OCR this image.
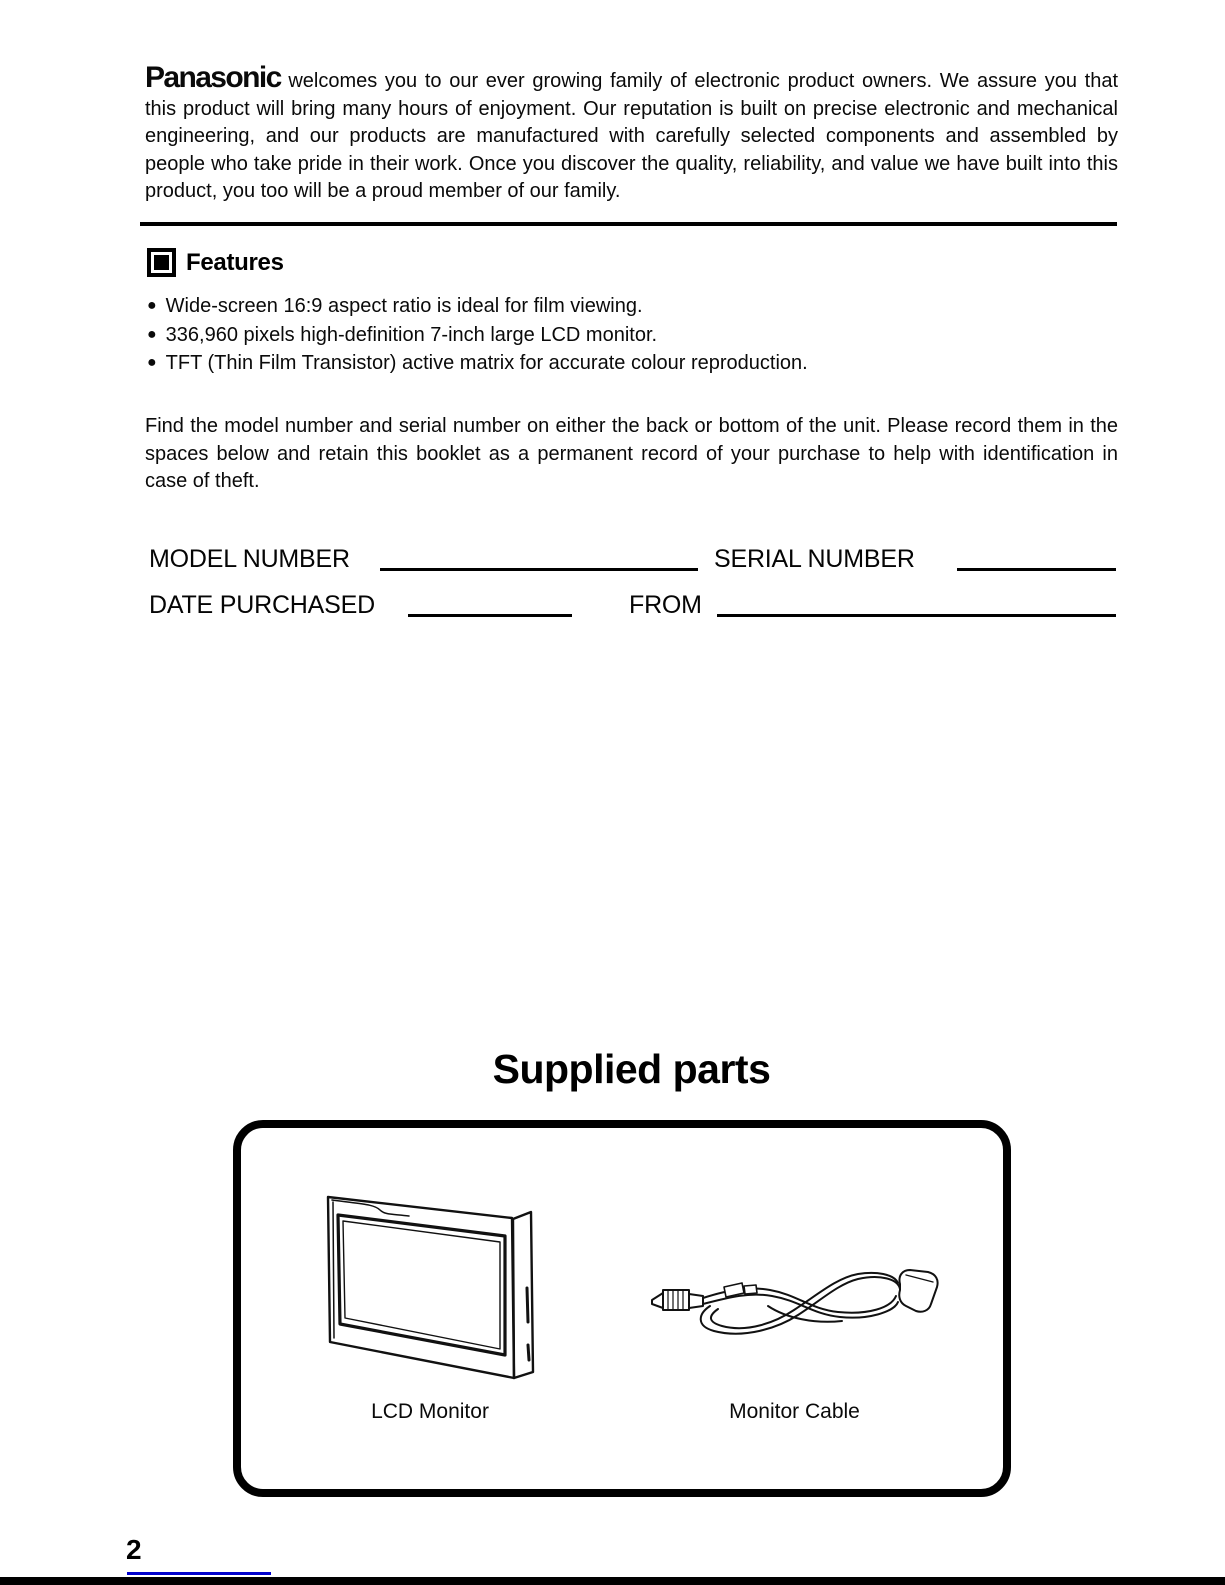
Panasonic welcomes you to our ever growing family of electronic product owners. We assure you that this product will bring many hours of enjoyment. Our reputation is built on precise electronic and mechanical engineering, and our products are manufactured with carefully selected components and assembled by people who take pride in their work. Once you discover the quality, reliability, and value we have built into this product, you too will be a proud member of our family.

Features
● Wide-screen 16:9 aspect ratio is ideal for film viewing.
● 336,960 pixels high-definition 7-inch large LCD monitor.
● TFT (Thin Film Transistor) active matrix for accurate colour reproduction.

Find the model number and serial number on either the back or bottom of the unit. Please record them in the spaces below and retain this booklet as a permanent record of your purchase to help with identification in case of theft.

MODEL NUMBER	SERIAL NUMBER
DATE PURCHASED	FROM
Supplied parts
LCD Monitor	Monitor Cable
2
